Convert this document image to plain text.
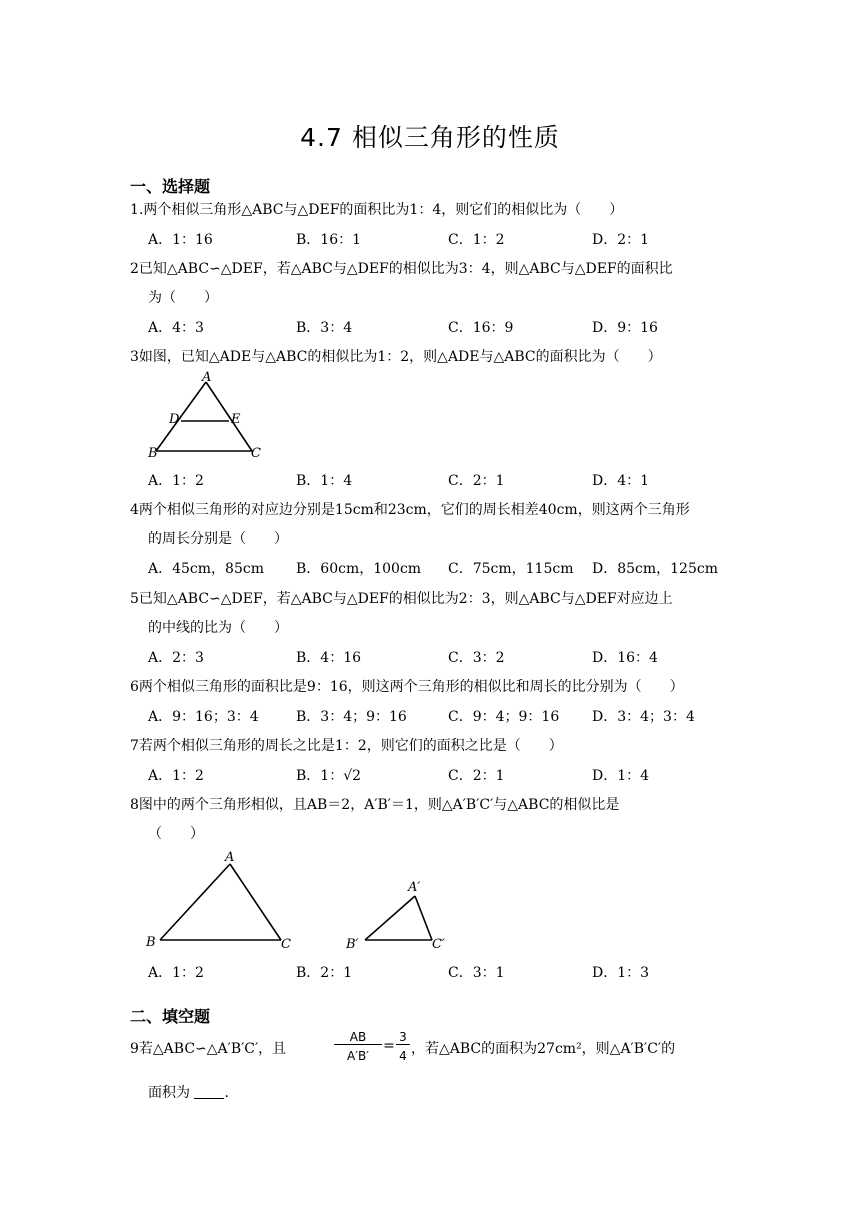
4.7 相似三角形的性质
一、选择题
1.两个相似三角形△ABC与△DEF的面积比为1：4，则它们的相似比为（　　）
A．1：16	B．16：1	C．1：2	D．2：1
2已知△ABC∽△DEF，若△ABC与△DEF的相似比为3：4，则△ABC与△DEF的面积比
为（　　）
A．4：3	B．3：4	C．16：9	D．9：16
3如图，已知△ADE与△ABC的相似比为1：2，则△ADE与△ABC的面积比为（　　）
A
D	E
B	C
A．1：2	B．1：4	C．2：1	D．4：1
4两个相似三角形的对应边分别是15cm和23cm，它们的周长相差40cm，则这两个三角形
的周长分别是（　　）
A．45cm，85cm B．60cm，100cm C．75cm，115cm D．85cm，125cm
5已知△ABC∽△DEF，若△ABC与△DEF的相似比为2：3，则△ABC与△DEF对应边上
的中线的比为（　　）
A．2：3	B．4：16	C．3：2	D．16：4
6两个相似三角形的面积比是9：16，则这两个三角形的相似比和周长的比分别为（　　）
A．9：16；3：4	B．3：4；9：16	C．9：4；9：16 D．3：4；3：4
7若两个相似三角形的周长之比是1：2，则它们的面积之比是（　　）
A．1：2	B．1：√2	C．2：1	D．1：4
8图中的两个三角形相似，且AB＝2，A′B′＝1，则△A′B′C′与△ABC的相似比是
（　　）
A
B	C
A′
B′	C′
A．1：2	B．2：1	C．3：1	D．1：3
二、填空题
9若△ABC∽△A′B′C′，且
AB
A′B′
=
3
4 ，若△ABC的面积为27cm²，则△A′B′C′的
面积为 .
